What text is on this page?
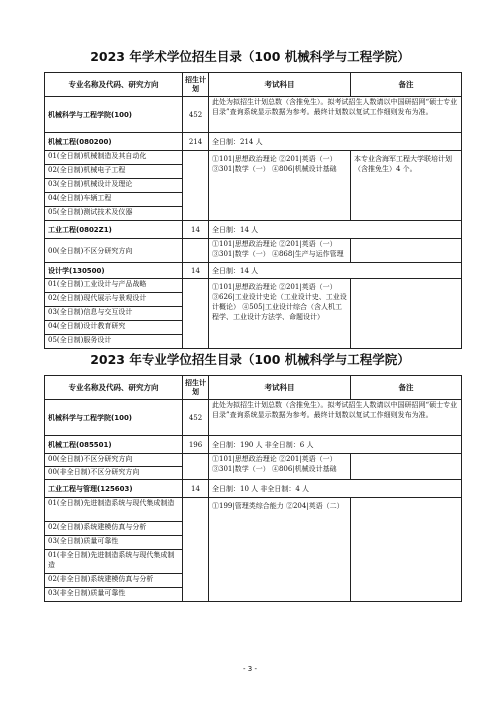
2023 年学术学位招生目录（100 机械科学与工程学院）
专业名称及代码、研究方向	招生计划	考试科目	备注
机械科学与工程学院(100)	452	此处为拟招生计划总数（含推免生）。拟考试招生人数请以中国研招网“硕士专业目录”查询系统显示数据为参考。最终计划数以复试工作细则发布为准。	
机械工程(080200)	214	全日制：214 人	
01(全日制)机械制造及其自动化		①101|思想政治理论 ②201|英语（一）③301|数学（一） ④806|机械设计基础	本专业含海军工程大学联培计划（含推免生）4 个。
02(全日制)机械电子工程			
03(全日制)机械设计及理论			
04(全日制)车辆工程			
05(全日制)测试技术及仪器			
工业工程(0802Z1)	14	全日制：14 人	
00(全日制)不区分研究方向		①101|思想政治理论 ②201|英语（一）③301|数学（一） ④868|生产与运作管理	
设计学(130500)	14	全日制：14 人	
01(全日制)工业设计与产品战略		①101|思想政治理论 ②201|英语（一）③626|工业设计史论（工业设计史、工业设计概论） ④505|工业设计综合（含人机工程学、工业设计方法学、命题设计）	
02(全日制)现代展示与景观设计			
03(全日制)信息与交互设计			
04(全日制)设计教育研究			
05(全日制)服务设计			
2023 年专业学位招生目录（100 机械科学与工程学院）
专业名称及代码、研究方向	招生计划	考试科目	备注
机械科学与工程学院(100)	452	此处为拟招生计划总数（含推免生）。拟考试招生人数请以中国研招网“硕士专业目录”查询系统显示数据为参考。最终计划数以复试工作细则发布为准。	
机械工程(085501)	196	全日制：190 人 非全日制：6 人	
00(全日制)不区分研究方向		①101|思想政治理论 ②201|英语（一）③301|数学（一） ④806|机械设计基础	
00(非全日制)不区分研究方向			
工业工程与管理(125603)	14	全日制：10 人 非全日制：4 人	
01(全日制)先进制造系统与现代集成制造		①199|管理类综合能力 ②204|英语（二）	
02(全日制)系统建模仿真与分析			
03(全日制)质量可靠性			
01(非全日制)先进制造系统与现代集成制造			
02(非全日制)系统建模仿真与分析			
03(非全日制)质量可靠性			
- 3 -
